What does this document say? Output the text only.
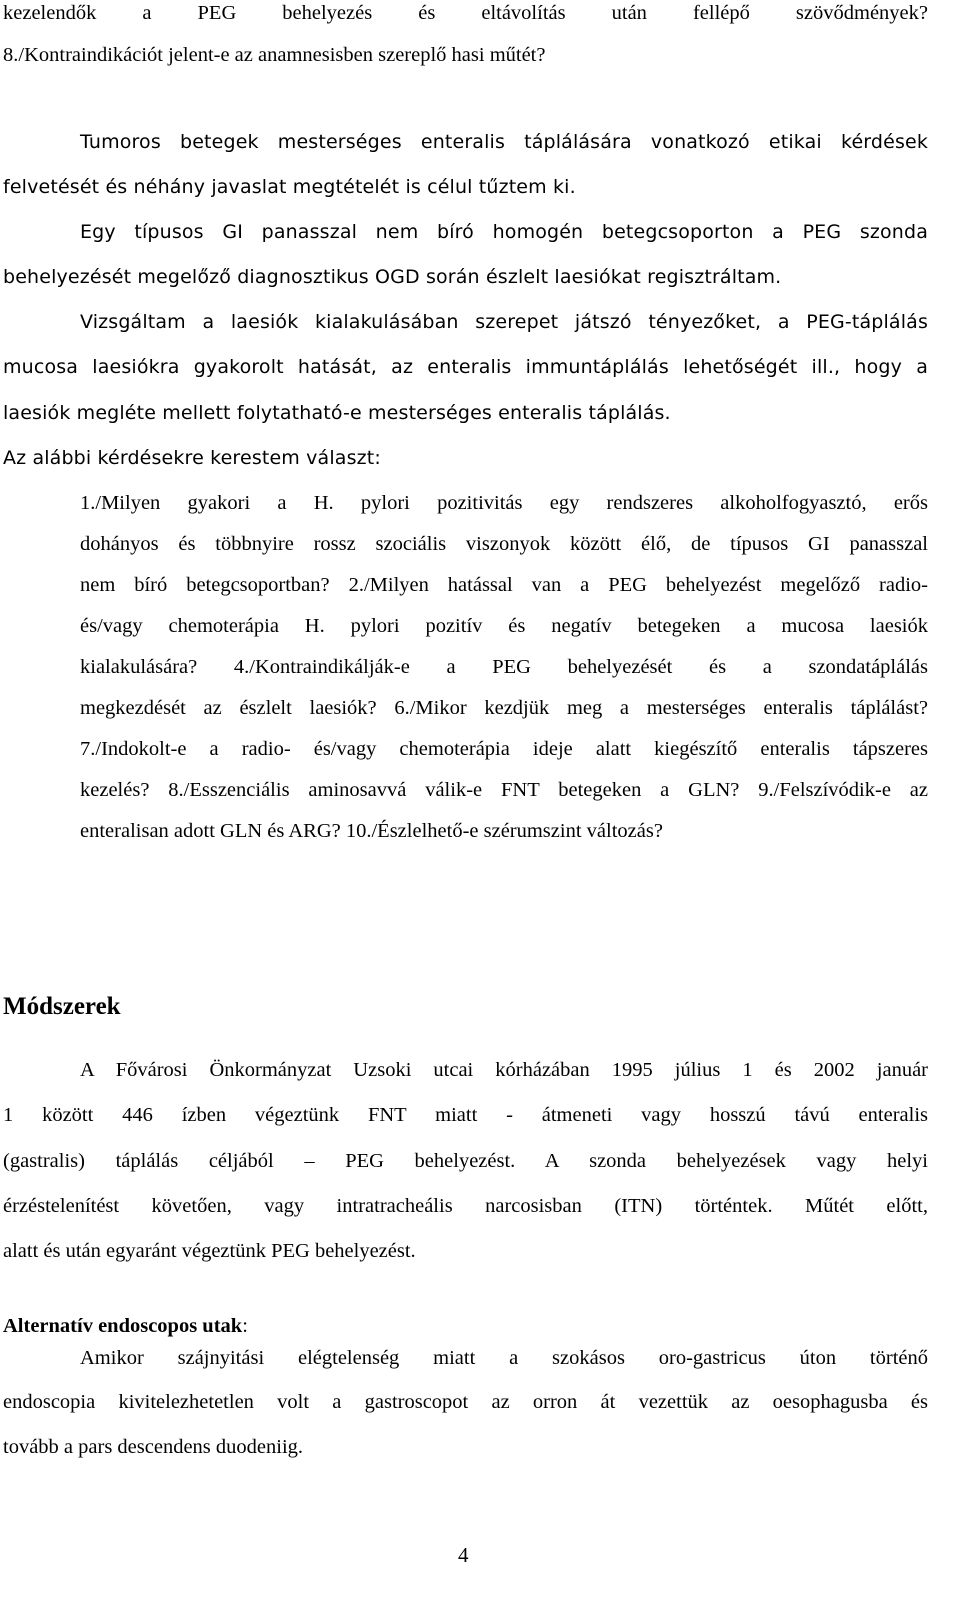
kezelendők a PEG behelyezés és eltávolítás után fellépő szövődmények?
8./Kontraindikációt jelent-e az anamnesisben szereplő hasi műtét?
Tumoros betegek mesterséges enteralis táplálására vonatkozó etikai kérdések
felvetését és néhány javaslat megtételét is célul tűztem ki.
Egy típusos GI panasszal nem bíró homogén betegcsoporton a PEG szonda
behelyezését megelőző diagnosztikus OGD során észlelt laesiókat regisztráltam.
Vizsgáltam a laesiók kialakulásában szerepet játszó tényezőket, a PEG-táplálás
mucosa laesiókra gyakorolt hatását, az enteralis immuntáplálás lehetőségét ill., hogy a
laesiók megléte mellett folytatható-e mesterséges enteralis táplálás.
Az alábbi kérdésekre kerestem választ:
1./Milyen gyakori a H. pylori pozitivitás egy rendszeres alkoholfogyasztó, erős
dohányos és többnyire rossz szociális viszonyok között élő, de típusos GI panasszal
nem bíró betegcsoportban? 2./Milyen hatással van a PEG behelyezést megelőző radio-
és/vagy chemoterápia H. pylori pozitív és negatív betegeken a mucosa laesiók
kialakulására? 4./Kontraindikálják-e a PEG behelyezését és a szondatáplálás
megkezdését az észlelt laesiók? 6./Mikor kezdjük meg a mesterséges enteralis táplálást?
7./Indokolt-e a radio- és/vagy chemoterápia ideje alatt kiegészítő enteralis tápszeres
kezelés? 8./Esszenciális aminosavvá válik-e FNT betegeken a GLN? 9./Felszívódik-e az
enteralisan adott GLN és ARG? 10./Észlelhető-e szérumszint változás?
Módszerek
A Fővárosi Önkormányzat Uzsoki utcai kórházában 1995 július 1 és 2002 január
1 között 446 ízben végeztünk FNT miatt - átmeneti vagy hosszú távú enteralis
(gastralis) táplálás céljából – PEG behelyezést. A szonda behelyezések vagy helyi
érzéstelenítést követően, vagy intratracheális narcosisban (ITN) történtek. Műtét előtt,
alatt és után egyaránt végeztünk PEG behelyezést.
Alternatív endoscopos utak:
Amikor szájnyitási elégtelenség miatt a szokásos oro-gastricus úton történő
endoscopia kivitelezhetetlen volt a gastroscopot az orron át vezettük az oesophagusba és
tovább a pars descendens duodeniig.
4
